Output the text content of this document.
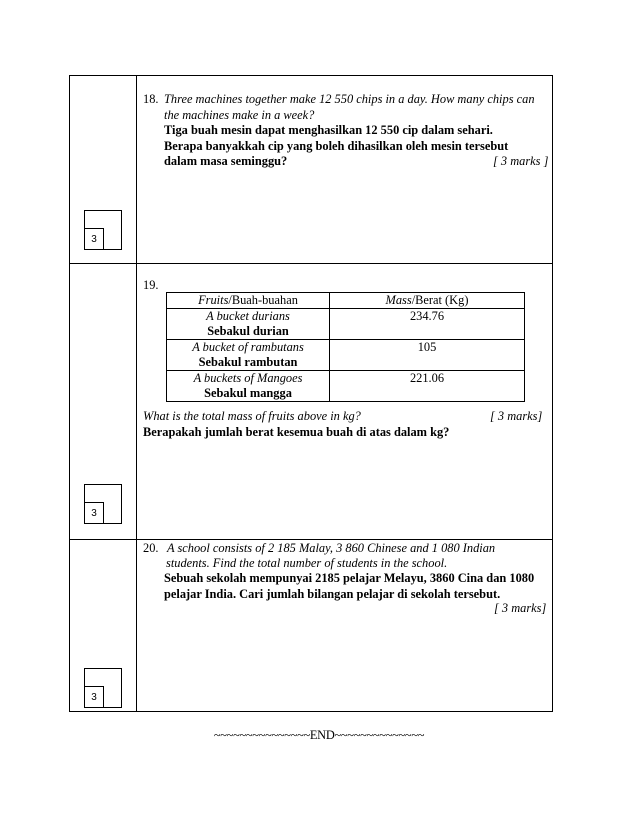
3
3
3
18. Three machines together make 12 550 chips in a day. How many chips can
the machines make in a week?
Tiga buah mesin dapat menghasilkan 12 550 cip dalam sehari.
Berapa banyakkah cip yang boleh dihasilkan oleh mesin tersebut
dalam masa seminggu?	[ 3 marks ]
19.
Fruits/Buah-buahan	Mass/Berat (Kg)

A bucket durians
Sebakul durian	234.76

A bucket of rambutans
Sebakul rambutan	105

A buckets of Mangoes
Sebakul mangga	221.06
What is the total mass of fruits above in kg?	[ 3 marks]
Berapakah jumlah berat kesemua buah di atas dalam kg?
20. A school consists of 2 185 Malay, 3 860 Chinese and 1 080 Indian
students. Find the total number of students in the school.
Sebuah sekolah mempunyai 2185 pelajar Melayu, 3860 Cina dan 1080
pelajar India. Cari jumlah bilangan pelajar di sekolah tersebut.
[ 3 marks]
~~~~~~~~~~~~~~~END~~~~~~~~~~~~~~
